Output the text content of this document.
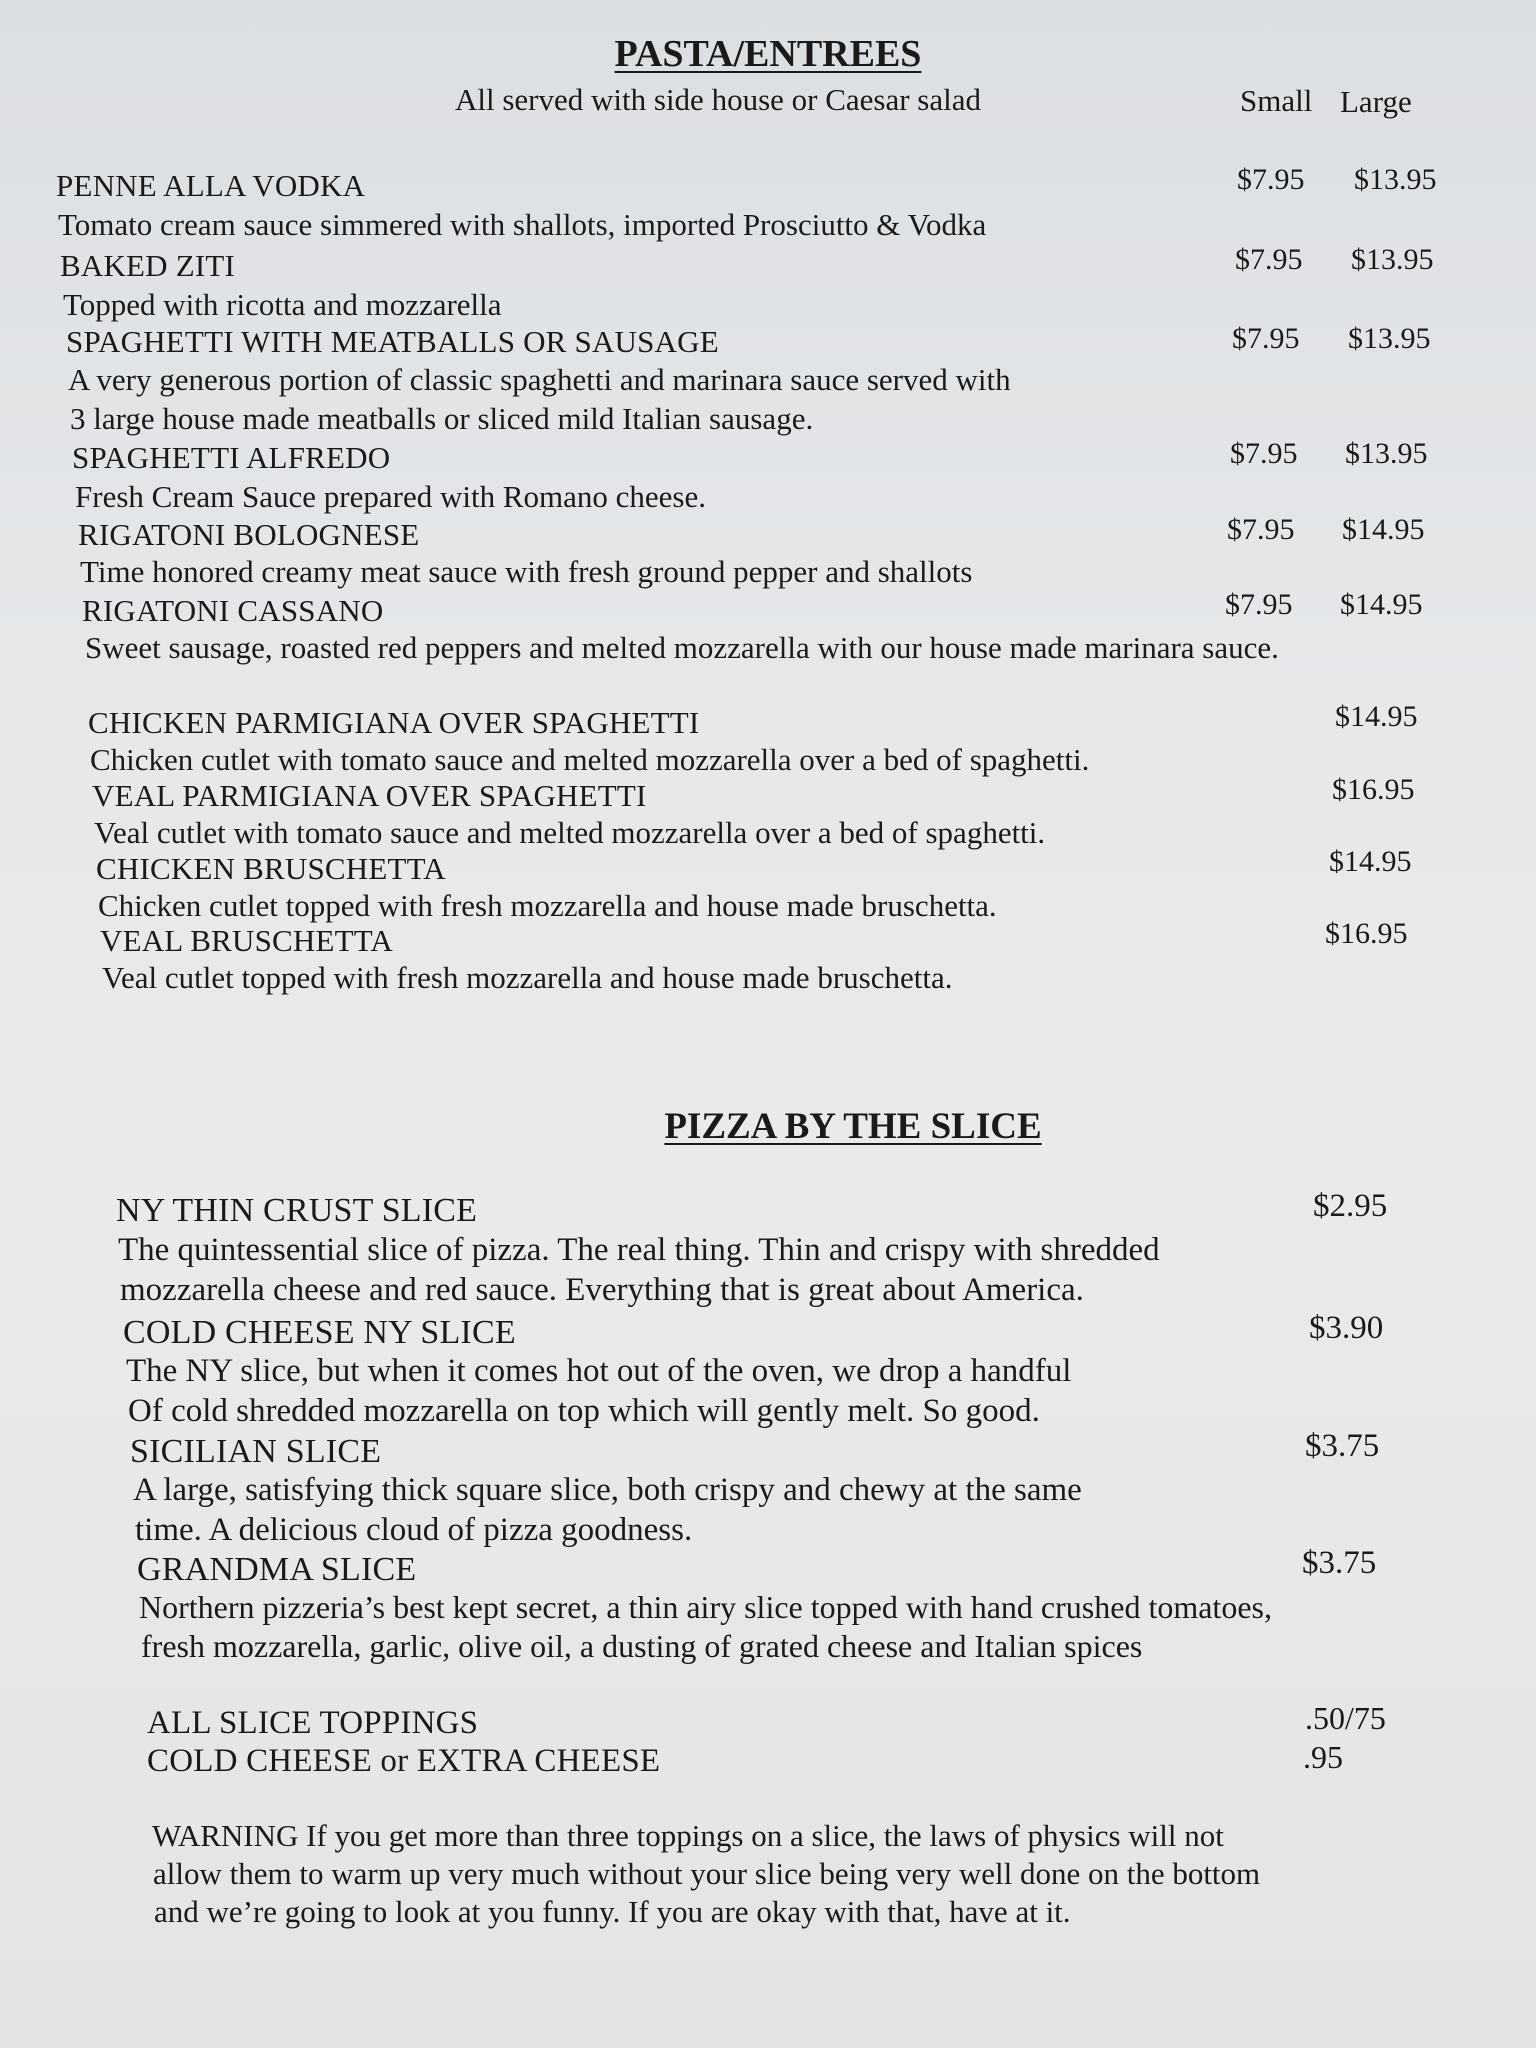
PASTA/ENTREES
All served with side house or Caesar salad	Small Large
PENNE ALLA VODKA	$7.95 $13.95
Tomato cream sauce simmered with shallots, imported Prosciutto & Vodka
BAKED ZITI	$7.95 $13.95
Topped with ricotta and mozzarella
SPAGHETTI WITH MEATBALLS OR SAUSAGE	$7.95 $13.95
A very generous portion of classic spaghetti and marinara sauce served with
3 large house made meatballs or sliced mild Italian sausage.
SPAGHETTI ALFREDO	$7.95 $13.95
Fresh Cream Sauce prepared with Romano cheese.
RIGATONI BOLOGNESE	$7.95 $14.95
Time honored creamy meat sauce with fresh ground pepper and shallots
RIGATONI CASSANO	$7.95 $14.95
Sweet sausage, roasted red peppers and melted mozzarella with our house made marinara sauce.
CHICKEN PARMIGIANA OVER SPAGHETTI	$14.95
Chicken cutlet with tomato sauce and melted mozzarella over a bed of spaghetti.
VEAL PARMIGIANA OVER SPAGHETTI	$16.95
Veal cutlet with tomato sauce and melted mozzarella over a bed of spaghetti.
CHICKEN BRUSCHETTA	$14.95
Chicken cutlet topped with fresh mozzarella and house made bruschetta.
VEAL BRUSCHETTA	$16.95
Veal cutlet topped with fresh mozzarella and house made bruschetta.
PIZZA BY THE SLICE
NY THIN CRUST SLICE	$2.95
The quintessential slice of pizza. The real thing. Thin and crispy with shredded
mozzarella cheese and red sauce. Everything that is great about America.
COLD CHEESE NY SLICE	$3.90
The NY slice, but when it comes hot out of the oven, we drop a handful
Of cold shredded mozzarella on top which will gently melt. So good.
SICILIAN SLICE	$3.75
A large, satisfying thick square slice, both crispy and chewy at the same
time. A delicious cloud of pizza goodness.
GRANDMA SLICE	$3.75
Northern pizzeria’s best kept secret, a thin airy slice topped with hand crushed tomatoes,
fresh mozzarella, garlic, olive oil, a dusting of grated cheese and Italian spices
ALL SLICE TOPPINGS	.50/75
COLD CHEESE or EXTRA CHEESE	.95
WARNING If you get more than three toppings on a slice, the laws of physics will not
allow them to warm up very much without your slice being very well done on the bottom
and we’re going to look at you funny. If you are okay with that, have at it.
